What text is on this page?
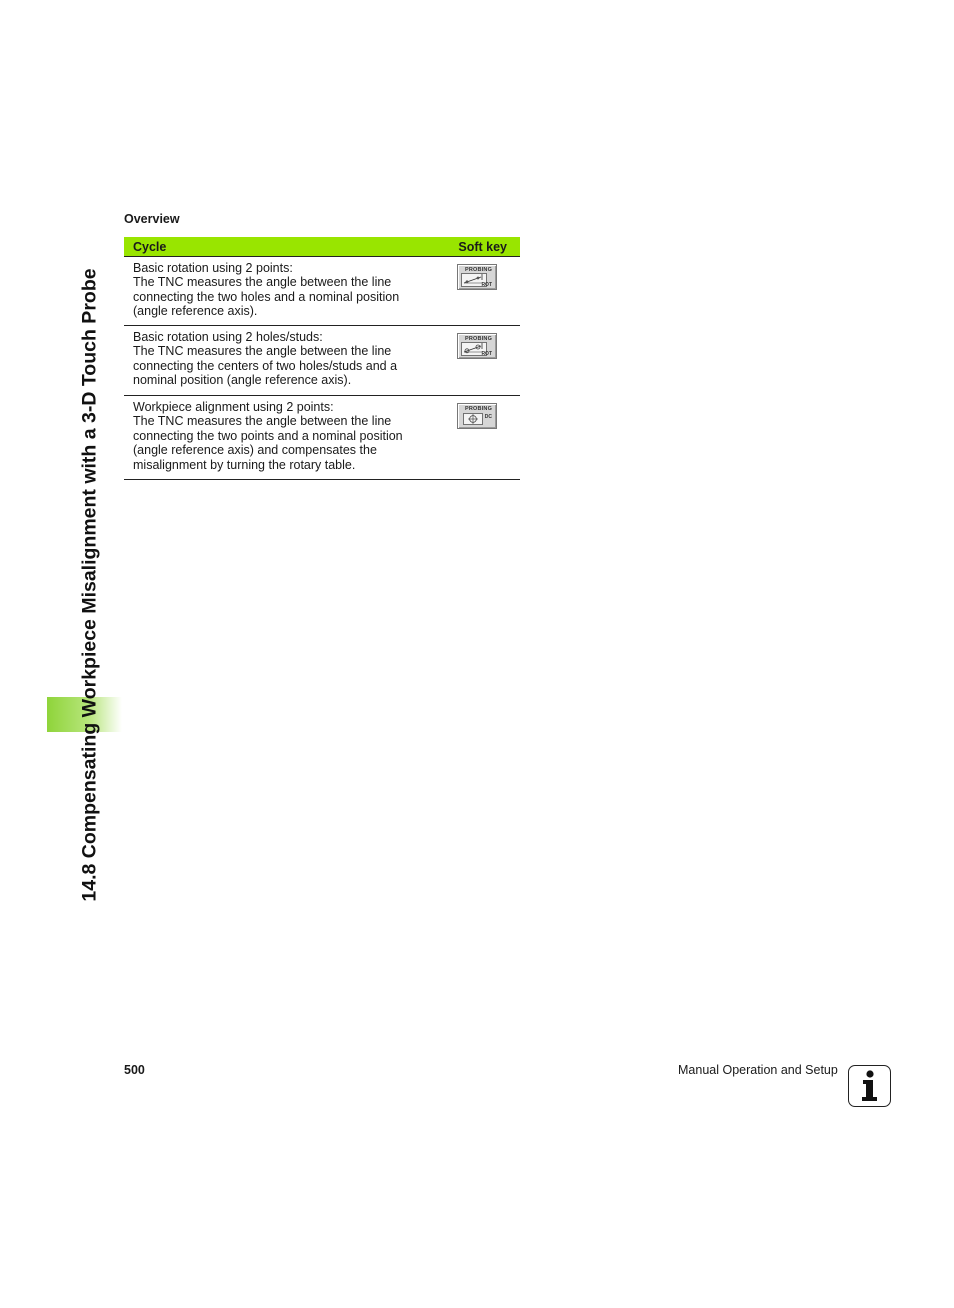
14.8 Compensating Workpiece Misalignment with a 3-D Touch Probe
Overview
Cycle	Soft key
Basic rotation using 2 points:
The TNC measures the angle between the line connecting the two holes and a nominal position (angle reference axis).
PROBING
ROT
Basic rotation using 2 holes/studs:
The TNC measures the angle between the line connecting the centers of two holes/studs and a nominal position (angle reference axis).
PROBING
ROT
Workpiece alignment using 2 points:
The TNC measures the angle between the line connecting the two points and a nominal position (angle reference axis) and compensates the misalignment by turning the rotary table.
PROBING
DC
500	Manual Operation and Setup
